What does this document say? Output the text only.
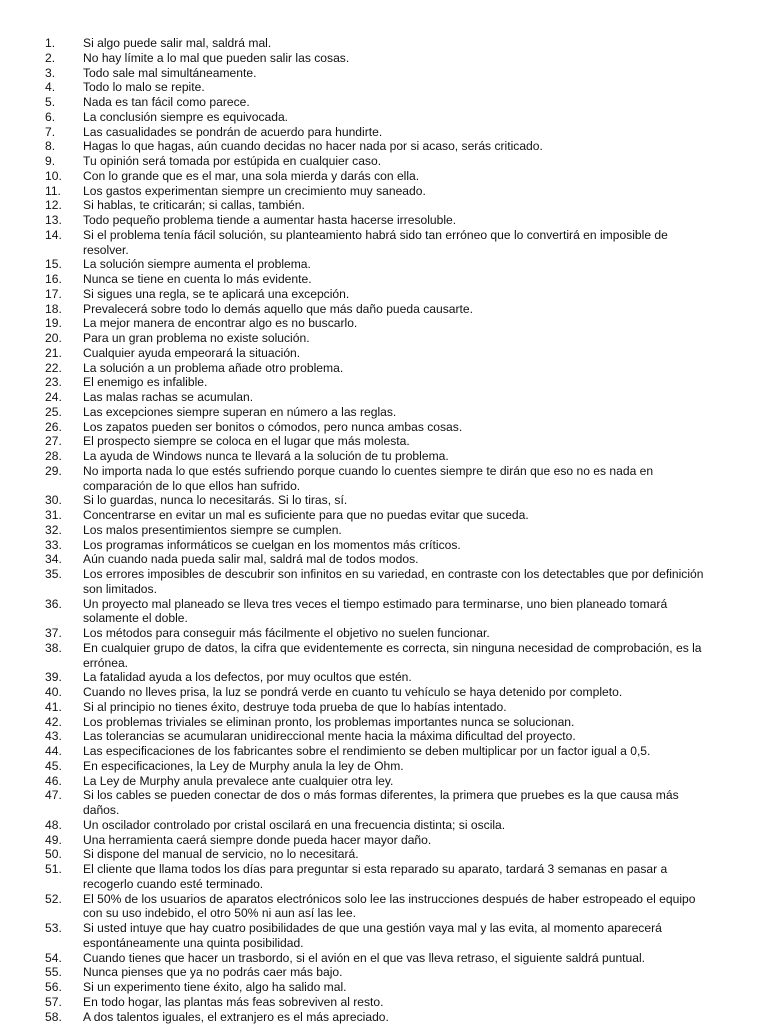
1.	Si algo puede salir mal, saldrá mal.
2.	No hay límite a lo mal que pueden salir las cosas.
3.	Todo sale mal simultáneamente.
4.	Todo lo malo se repite.
5.	Nada es tan fácil como parece.
6.	La conclusión siempre es equivocada.
7.	Las casualidades se pondrán de acuerdo para hundirte.
8.	Hagas lo que hagas, aún cuando decidas no hacer nada por si acaso, serás criticado.
9.	Tu opinión será tomada por estúpida en cualquier caso.
10.	Con lo grande que es el mar, una sola mierda y darás con ella.
11.	Los gastos experimentan siempre un crecimiento muy saneado.
12.	Si hablas, te criticarán; si callas, también.
13.	Todo pequeño problema tiende a aumentar hasta hacerse irresoluble.
14.	Si el problema tenía fácil solución, su planteamiento habrá sido tan erróneo que lo convertirá en imposible de resolver.
15.	La solución siempre aumenta el problema.
16.	Nunca se tiene en cuenta lo más evidente.
17.	Si sigues una regla, se te aplicará una excepción.
18.	Prevalecerá sobre todo lo demás aquello que más daño pueda causarte.
19.	La mejor manera de encontrar algo es no buscarlo.
20.	Para un gran problema no existe solución.
21.	Cualquier ayuda empeorará la situación.
22.	La solución a un problema añade otro problema.
23.	El enemigo es infalible.
24.	Las malas rachas se acumulan.
25.	Las excepciones siempre superan en número a las reglas.
26.	Los zapatos pueden ser bonitos o cómodos, pero nunca ambas cosas.
27.	El prospecto siempre se coloca en el lugar que más molesta.
28.	La ayuda de Windows nunca te llevará a la solución de tu problema.
29.	No importa nada lo que estés sufriendo porque cuando lo cuentes siempre te dirán que eso no es nada en comparación de lo que ellos han sufrido.
30.	Si lo guardas, nunca lo necesitarás. Si lo tiras, sí.
31.	Concentrarse en evitar un mal es suficiente para que no puedas evitar que suceda.
32.	Los malos presentimientos siempre se cumplen.
33.	Los programas informáticos se cuelgan en los momentos más críticos.
34.	Aún cuando nada pueda salir mal, saldrá mal de todos modos.
35.	Los errores imposibles de descubrir son infinitos en su variedad, en contraste con los detectables que por definición son limitados.
36.	Un proyecto mal planeado se lleva tres veces el tiempo estimado para terminarse, uno bien planeado tomará solamente el doble.
37.	Los métodos para conseguir más fácilmente el objetivo no suelen funcionar.
38.	En cualquier grupo de datos, la cifra que evidentemente es correcta, sin ninguna necesidad de comprobación, es la errónea.
39.	La fatalidad ayuda a los defectos, por muy ocultos que estén.
40.	Cuando no lleves prisa, la luz se pondrá verde en cuanto tu vehículo se haya detenido por completo.
41.	Si al principio no tienes éxito, destruye toda prueba de que lo habías intentado.
42.	Los problemas triviales se eliminan pronto, los problemas importantes nunca se solucionan.
43.	Las tolerancias se acumularan unidireccional mente hacia la máxima dificultad del proyecto.
44.	Las especificaciones de los fabricantes sobre el rendimiento se deben multiplicar por un factor igual a 0,5.
45.	En especificaciones, la Ley de Murphy anula la ley de Ohm.
46.	La Ley de Murphy anula prevalece ante cualquier otra ley.
47.	Si los cables se pueden conectar de dos o más formas diferentes, la primera que pruebes es la que causa más daños.
48.	Un oscilador controlado por cristal oscilará en una frecuencia distinta; si oscila.
49.	Una herramienta caerá siempre donde pueda hacer mayor daño.
50.	Si dispone del manual de servicio, no lo necesitará.
51.	El cliente que llama todos los días para preguntar si esta reparado su aparato, tardará 3 semanas en pasar a recogerlo cuando esté terminado.
52.	El 50% de los usuarios de aparatos electrónicos solo lee las instrucciones después de haber estropeado el equipo con su uso indebido, el otro 50% ni aun así las lee.
53.	Si usted intuye que hay cuatro posibilidades de que una gestión vaya mal y las evita, al momento aparecerá espontáneamente una quinta posibilidad.
54.	Cuando tienes que hacer un trasbordo, si el avión en el que vas lleva retraso, el siguiente saldrá puntual.
55.	Nunca pienses que ya no podrás caer más bajo.
56.	Si un experimento tiene éxito, algo ha salido mal.
57.	En todo hogar, las plantas más feas sobreviven al resto.
58.	A dos talentos iguales, el extranjero es el más apreciado.
